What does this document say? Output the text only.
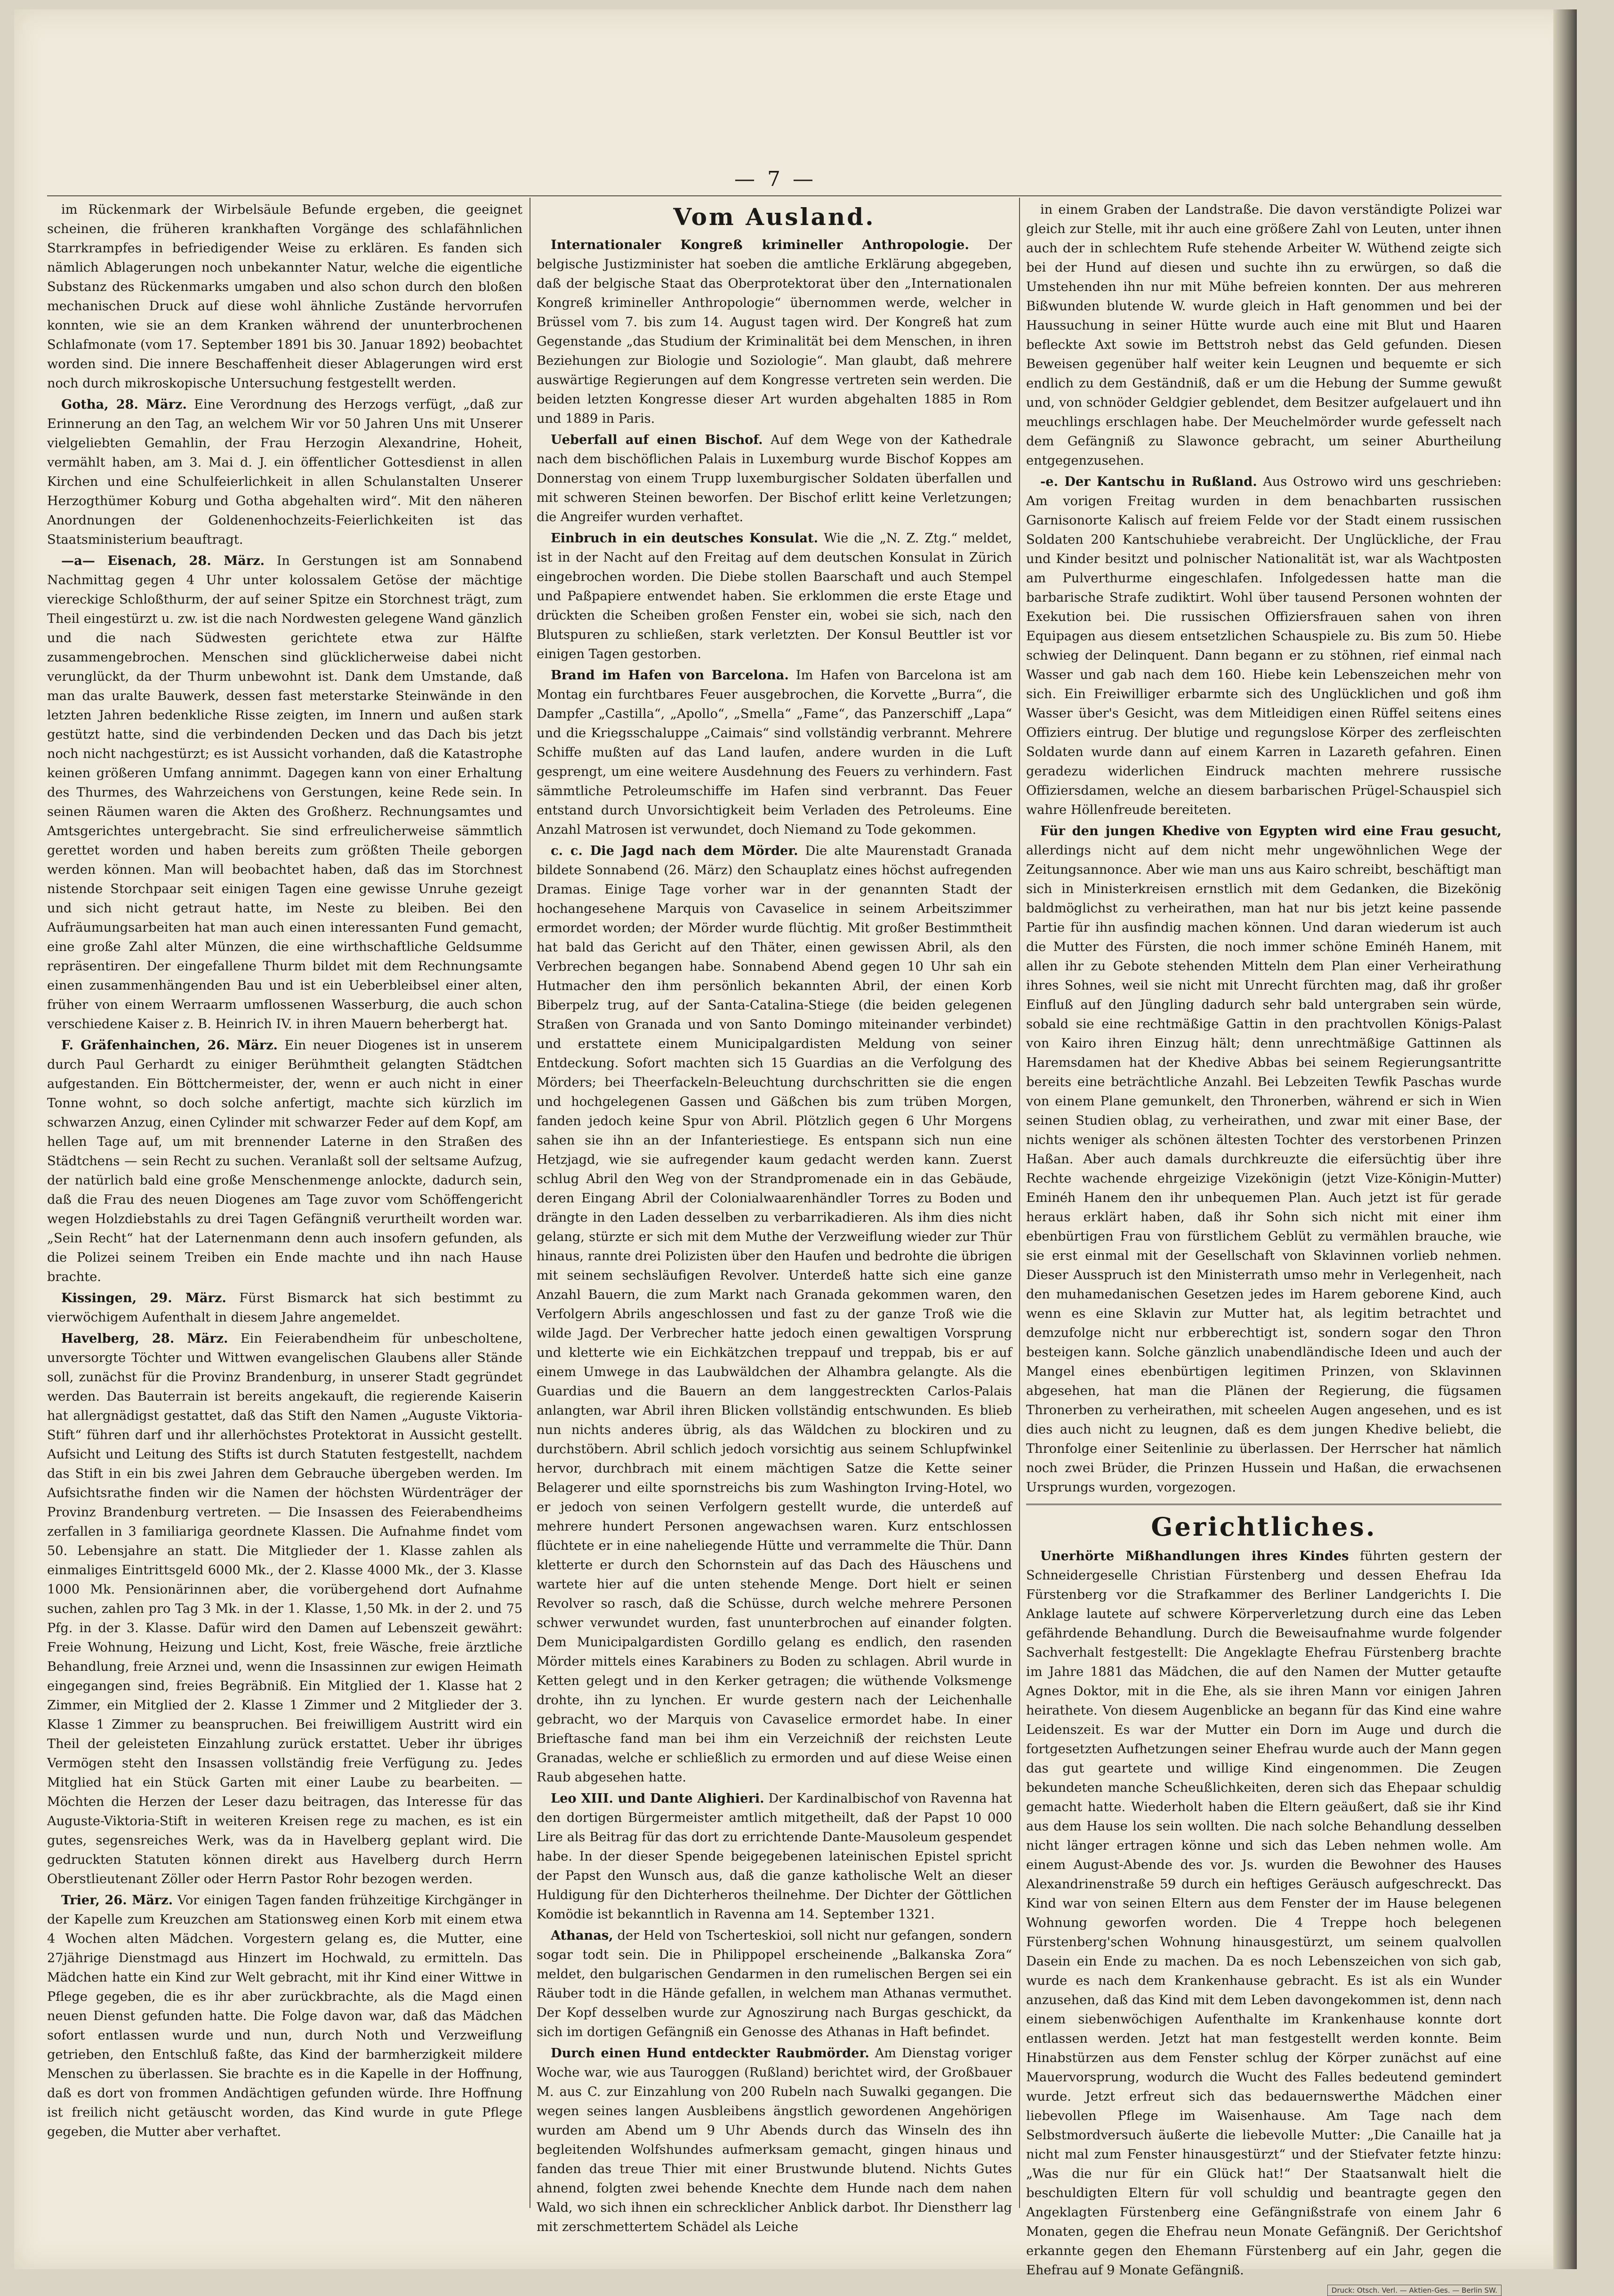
— 7 —

im Rückenmark der Wirbelsäule Befunde ergeben, die geeignet scheinen, die früheren krankhaften Vorgänge des schlafähnlichen Starrkrampfes in befriedigender Weise zu erklären. Es fanden sich nämlich Ablagerungen noch unbekannter Natur, welche die eigentliche Substanz des Rückenmarks umgaben und also schon durch den bloßen mechanischen Druck auf diese wohl ähnliche Zustände hervorrufen konnten, wie sie an dem Kranken während der ununterbrochenen Schlafmonate (vom 17. September 1891 bis 30. Januar 1892) beobachtet worden sind. Die innere Beschaffenheit dieser Ablagerungen wird erst noch durch mikroskopische Untersuchung festgestellt werden.

Gotha, 28. März. Eine Verordnung des Herzogs verfügt, „daß zur Erinnerung an den Tag, an welchem Wir vor 50 Jahren Uns mit Unserer vielgeliebten Gemahlin, der Frau Herzogin Alexandrine, Hoheit, vermählt haben, am 3. Mai d. J. ein öffentlicher Gottesdienst in allen Kirchen und eine Schulfeierlichkeit in allen Schulanstalten Unserer Herzogthümer Koburg und Gotha abgehalten wird“. Mit den näheren Anordnungen der Goldenenhochzeits-Feierlichkeiten ist das Staatsministerium beauftragt.

—a— Eisenach, 28. März. In Gerstungen ist am Sonnabend Nachmittag gegen 4 Uhr unter kolossalem Getöse der mächtige viereckige Schloßthurm, der auf seiner Spitze ein Storchnest trägt, zum Theil eingestürzt u. zw. ist die nach Nordwesten gelegene Wand gänzlich und die nach Südwesten gerichtete etwa zur Hälfte zusammengebrochen. Menschen sind glücklicherweise dabei nicht verunglückt, da der Thurm unbewohnt ist. Dank dem Umstande, daß man das uralte Bauwerk, dessen fast meterstarke Steinwände in den letzten Jahren bedenkliche Risse zeigten, im Innern und außen stark gestützt hatte, sind die verbindenden Decken und das Dach bis jetzt noch nicht nachgestürzt; es ist Aussicht vorhanden, daß die Katastrophe keinen größeren Umfang annimmt. Dagegen kann von einer Erhaltung des Thurmes, des Wahrzeichens von Gerstungen, keine Rede sein. In seinen Räumen waren die Akten des Großherz. Rechnungsamtes und Amtsgerichtes untergebracht. Sie sind erfreulicherweise sämmtlich gerettet worden und haben bereits zum größten Theile geborgen werden können. Man will beobachtet haben, daß das im Storchnest nistende Storchpaar seit einigen Tagen eine gewisse Unruhe gezeigt und sich nicht getraut hatte, im Neste zu bleiben. Bei den Aufräumungsarbeiten hat man auch einen interessanten Fund gemacht, eine große Zahl alter Münzen, die eine wirthschaftliche Geldsumme repräsentiren. Der eingefallene Thurm bildet mit dem Rechnungsamte einen zusammenhängenden Bau und ist ein Ueberbleibsel einer alten, früher von einem Werraarm umflossenen Wasserburg, die auch schon verschiedene Kaiser z. B. Heinrich IV. in ihren Mauern beherbergt hat.

F. Gräfenhainchen, 26. März. Ein neuer Diogenes ist in unserem durch Paul Gerhardt zu einiger Berühmtheit gelangten Städtchen aufgestanden. Ein Böttchermeister, der, wenn er auch nicht in einer Tonne wohnt, so doch solche anfertigt, machte sich kürzlich im schwarzen Anzug, einen Cylinder mit schwarzer Feder auf dem Kopf, am hellen Tage auf, um mit brennender Laterne in den Straßen des Städtchens — sein Recht zu suchen. Veranlaßt soll der seltsame Aufzug, der natürlich bald eine große Menschenmenge anlockte, dadurch sein, daß die Frau des neuen Diogenes am Tage zuvor vom Schöffengericht wegen Holzdiebstahls zu drei Tagen Gefängniß verurtheilt worden war. „Sein Recht“ hat der Laternenmann denn auch insofern gefunden, als die Polizei seinem Treiben ein Ende machte und ihn nach Hause brachte.

Kissingen, 29. März. Fürst Bismarck hat sich bestimmt zu vierwöchigem Aufenthalt in diesem Jahre angemeldet.

Havelberg, 28. März. Ein Feierabendheim für unbescholtene, unversorgte Töchter und Wittwen evangelischen Glaubens aller Stände soll, zunächst für die Provinz Brandenburg, in unserer Stadt gegründet werden. Das Bauterrain ist bereits angekauft, die regierende Kaiserin hat allergnädigst gestattet, daß das Stift den Namen „Auguste Viktoria-Stift“ führen darf und ihr allerhöchstes Protektorat in Aussicht gestellt. Aufsicht und Leitung des Stifts ist durch Statuten festgestellt, nachdem das Stift in ein bis zwei Jahren dem Gebrauche übergeben werden. Im Aufsichtsrathe finden wir die Namen der höchsten Würdenträger der Provinz Brandenburg vertreten. — Die Insassen des Feierabendheims zerfallen in 3 familiariga geordnete Klassen. Die Aufnahme findet vom 50. Lebensjahre an statt. Die Mitglieder der 1. Klasse zahlen als einmaliges Eintrittsgeld 6000 Mk., der 2. Klasse 4000 Mk., der 3. Klasse 1000 Mk. Pensionärinnen aber, die vorübergehend dort Aufnahme suchen, zahlen pro Tag 3 Mk. in der 1. Klasse, 1,50 Mk. in der 2. und 75 Pfg. in der 3. Klasse. Dafür wird den Damen auf Lebenszeit gewährt: Freie Wohnung, Heizung und Licht, Kost, freie Wäsche, freie ärztliche Behandlung, freie Arznei und, wenn die Insassinnen zur ewigen Heimath eingegangen sind, freies Begräbniß. Ein Mitglied der 1. Klasse hat 2 Zimmer, ein Mitglied der 2. Klasse 1 Zimmer und 2 Mitglieder der 3. Klasse 1 Zimmer zu beanspruchen. Bei freiwilligem Austritt wird ein Theil der geleisteten Einzahlung zurück erstattet. Ueber ihr übriges Vermögen steht den Insassen vollständig freie Verfügung zu. Jedes Mitglied hat ein Stück Garten mit einer Laube zu bearbeiten. — Möchten die Herzen der Leser dazu beitragen, das Interesse für das Auguste-Viktoria-Stift in weiteren Kreisen rege zu machen, es ist ein gutes, segensreiches Werk, was da in Havelberg geplant wird. Die gedruckten Statuten können direkt aus Havelberg durch Herrn Oberstlieutenant Zöller oder Herrn Pastor Rohr bezogen werden.

Trier, 26. März. Vor einigen Tagen fanden frühzeitige Kirchgänger in der Kapelle zum Kreuzchen am Stationsweg einen Korb mit einem etwa 4 Wochen alten Mädchen. Vorgestern gelang es, die Mutter, eine 27jährige Dienstmagd aus Hinzert im Hochwald, zu ermitteln. Das Mädchen hatte ein Kind zur Welt gebracht, mit ihr Kind einer Wittwe in Pflege gegeben, die es ihr aber zurückbrachte, als die Magd einen neuen Dienst gefunden hatte. Die Folge davon war, daß das Mädchen sofort entlassen wurde und nun, durch Noth und Verzweiflung getrieben, den Entschluß faßte, das Kind der barmherzigkeit mildere Menschen zu überlassen. Sie brachte es in die Kapelle in der Hoffnung, daß es dort von frommen Andächtigen gefunden würde. Ihre Hoffnung ist freilich nicht getäuscht worden, das Kind wurde in gute Pflege gegeben, die Mutter aber verhaftet.

Vom Ausland.

Internationaler Kongreß krimineller Anthropologie. Der belgische Justizminister hat soeben die amtliche Erklärung abgegeben, daß der belgische Staat das Oberprotektorat über den „Internationalen Kongreß krimineller Anthropologie“ übernommen werde, welcher in Brüssel vom 7. bis zum 14. August tagen wird. Der Kongreß hat zum Gegenstande „das Studium der Kriminalität bei dem Menschen, in ihren Beziehungen zur Biologie und Soziologie“. Man glaubt, daß mehrere auswärtige Regierungen auf dem Kongresse vertreten sein werden. Die beiden letzten Kongresse dieser Art wurden abgehalten 1885 in Rom und 1889 in Paris.

Ueberfall auf einen Bischof. Auf dem Wege von der Kathedrale nach dem bischöflichen Palais in Luxemburg wurde Bischof Koppes am Donnerstag von einem Trupp luxemburgischer Soldaten überfallen und mit schweren Steinen beworfen. Der Bischof erlitt keine Verletzungen; die Angreifer wurden verhaftet.

Einbruch in ein deutsches Konsulat. Wie die „N. Z. Ztg.“ meldet, ist in der Nacht auf den Freitag auf dem deutschen Konsulat in Zürich eingebrochen worden. Die Diebe stollen Baarschaft und auch Stempel und Paßpapiere entwendet haben. Sie erklommen die erste Etage und drückten die Scheiben großen Fenster ein, wobei sie sich, nach den Blutspuren zu schließen, stark verletzten. Der Konsul Beuttler ist vor einigen Tagen gestorben.

Brand im Hafen von Barcelona. Im Hafen von Barcelona ist am Montag ein furchtbares Feuer ausgebrochen, die Korvette „Burra“, die Dampfer „Castilla“, „Apollo“, „Smella“ „Fame“, das Panzerschiff „Lapa“ und die Kriegsschaluppe „Caimais“ sind vollständig verbrannt. Mehrere Schiffe mußten auf das Land laufen, andere wurden in die Luft gesprengt, um eine weitere Ausdehnung des Feuers zu verhindern. Fast sämmtliche Petroleumschiffe im Hafen sind verbrannt. Das Feuer entstand durch Unvorsichtigkeit beim Verladen des Petroleums. Eine Anzahl Matrosen ist verwundet, doch Niemand zu Tode gekommen.

c. c. Die Jagd nach dem Mörder. Die alte Maurenstadt Granada bildete Sonnabend (26. März) den Schauplatz eines höchst aufregenden Dramas. Einige Tage vorher war in der genannten Stadt der hochangesehene Marquis von Cavaselice in seinem Arbeitszimmer ermordet worden; der Mörder wurde flüchtig. Mit großer Bestimmtheit hat bald das Gericht auf den Thäter, einen gewissen Abril, als den Verbrechen begangen habe. Sonnabend Abend gegen 10 Uhr sah ein Hutmacher den ihm persönlich bekannten Abril, der einen Korb Biberpelz trug, auf der Santa-Catalina-Stiege (die beiden gelegenen Straßen von Granada und von Santo Domingo miteinander verbindet) und erstattete einem Municipalgardisten Meldung von seiner Entdeckung. Sofort machten sich 15 Guardias an die Verfolgung des Mörders; bei Theerfackeln-Beleuchtung durchschritten sie die engen und hochgelegenen Gassen und Gäßchen bis zum trüben Morgen, fanden jedoch keine Spur von Abril. Plötzlich gegen 6 Uhr Morgens sahen sie ihn an der Infanteriestiege. Es entspann sich nun eine Hetzjagd, wie sie aufregender kaum gedacht werden kann. Zuerst schlug Abril den Weg von der Strandpromenade ein in das Gebäude, deren Eingang Abril der Colonialwaarenhändler Torres zu Boden und drängte in den Laden desselben zu verbarrikadieren. Als ihm dies nicht gelang, stürzte er sich mit dem Muthe der Verzweiflung wieder zur Thür hinaus, rannte drei Polizisten über den Haufen und bedrohte die übrigen mit seinem sechsläufigen Revolver. Unterdeß hatte sich eine ganze Anzahl Bauern, die zum Markt nach Granada gekommen waren, den Verfolgern Abrils angeschlossen und fast zu der ganze Troß wie die wilde Jagd. Der Verbrecher hatte jedoch einen gewaltigen Vorsprung und kletterte wie ein Eichkätzchen treppauf und treppab, bis er auf einem Umwege in das Laubwäldchen der Alhambra gelangte. Als die Guardias und die Bauern an dem langgestreckten Carlos-Palais anlangten, war Abril ihren Blicken vollständig entschwunden. Es blieb nun nichts anderes übrig, als das Wäldchen zu blockiren und zu durchstöbern. Abril schlich jedoch vorsichtig aus seinem Schlupfwinkel hervor, durchbrach mit einem mächtigen Satze die Kette seiner Belagerer und eilte spornstreichs bis zum Washington Irving-Hotel, wo er jedoch von seinen Verfolgern gestellt wurde, die unterdeß auf mehrere hundert Personen angewachsen waren. Kurz entschlossen flüchtete er in eine naheliegende Hütte und verrammelte die Thür. Dann kletterte er durch den Schornstein auf das Dach des Häuschens und wartete hier auf die unten stehende Menge. Dort hielt er seinen Revolver so rasch, daß die Schüsse, durch welche mehrere Personen schwer verwundet wurden, fast ununterbrochen auf einander folgten. Dem Municipalgardisten Gordillo gelang es endlich, den rasenden Mörder mittels eines Karabiners zu Boden zu schlagen. Abril wurde in Ketten gelegt und in den Kerker getragen; die wüthende Volksmenge drohte, ihn zu lynchen. Er wurde gestern nach der Leichenhalle gebracht, wo der Marquis von Cavaselice ermordet habe. In einer Brieftasche fand man bei ihm ein Verzeichniß der reichsten Leute Granadas, welche er schließlich zu ermorden und auf diese Weise einen Raub abgesehen hatte.

Leo XIII. und Dante Alighieri. Der Kardinalbischof von Ravenna hat den dortigen Bürgermeister amtlich mitgetheilt, daß der Papst 10 000 Lire als Beitrag für das dort zu errichtende Dante-Mausoleum gespendet habe. In der dieser Spende beigegebenen lateinischen Epistel spricht der Papst den Wunsch aus, daß die ganze katholische Welt an dieser Huldigung für den Dichterheros theilnehme. Der Dichter der Göttlichen Komödie ist bekanntlich in Ravenna am 14. September 1321.

Athanas, der Held von Tscherteskioi, soll nicht nur gefangen, sondern sogar todt sein. Die in Philippopel erscheinende „Balkanska Zora“ meldet, den bulgarischen Gendarmen in den rumelischen Bergen sei ein Räuber todt in die Hände gefallen, in welchem man Athanas vermuthet. Der Kopf desselben wurde zur Agnoszirung nach Burgas geschickt, da sich im dortigen Gefängniß ein Genosse des Athanas in Haft befindet.

Durch einen Hund entdeckter Raubmörder. Am Dienstag voriger Woche war, wie aus Tauroggen (Rußland) berichtet wird, der Großbauer M. aus C. zur Einzahlung von 200 Rubeln nach Suwalki gegangen. Die wegen seines langen Ausbleibens ängstlich gewordenen Angehörigen wurden am Abend um 9 Uhr Abends durch das Winseln des ihn begleitenden Wolfshundes aufmerksam gemacht, gingen hinaus und fanden das treue Thier mit einer Brustwunde blutend. Nichts Gutes ahnend, folgten zwei behende Knechte dem Hunde nach dem nahen Wald, wo sich ihnen ein schrecklicher Anblick darbot. Ihr Dienstherr lag mit zerschmettertem Schädel als Leiche

in einem Graben der Landstraße. Die davon verständigte Polizei war gleich zur Stelle, mit ihr auch eine größere Zahl von Leuten, unter ihnen auch der in schlechtem Rufe stehende Arbeiter W. Wüthend zeigte sich bei der Hund auf diesen und suchte ihn zu erwürgen, so daß die Umstehenden ihn nur mit Mühe befreien konnten. Der aus mehreren Bißwunden blutende W. wurde gleich in Haft genommen und bei der Haussuchung in seiner Hütte wurde auch eine mit Blut und Haaren befleckte Axt sowie im Bettstroh nebst das Geld gefunden. Diesen Beweisen gegenüber half weiter kein Leugnen und bequemte er sich endlich zu dem Geständniß, daß er um die Hebung der Summe gewußt und, von schnöder Geldgier geblendet, dem Besitzer aufgelauert und ihn meuchlings erschlagen habe. Der Meuchelmörder wurde gefesselt nach dem Gefängniß zu Slawonce gebracht, um seiner Aburtheilung entgegenzusehen.

-e. Der Kantschu in Rußland. Aus Ostrowo wird uns geschrieben: Am vorigen Freitag wurden in dem benachbarten russischen Garnisonorte Kalisch auf freiem Felde vor der Stadt einem russischen Soldaten 200 Kantschuhiebe verabreicht. Der Unglückliche, der Frau und Kinder besitzt und polnischer Nationalität ist, war als Wachtposten am Pulverthurme eingeschlafen. Infolgedessen hatte man die barbarische Strafe zudiktirt. Wohl über tausend Personen wohnten der Exekution bei. Die russischen Offiziersfrauen sahen von ihren Equipagen aus diesem entsetzlichen Schauspiele zu. Bis zum 50. Hiebe schwieg der Delinquent. Dann begann er zu stöhnen, rief einmal nach Wasser und gab nach dem 160. Hiebe kein Lebenszeichen mehr von sich. Ein Freiwilliger erbarmte sich des Unglücklichen und goß ihm Wasser über's Gesicht, was dem Mitleidigen einen Rüffel seitens eines Offiziers eintrug. Der blutige und regungslose Körper des zerfleischten Soldaten wurde dann auf einem Karren in Lazareth gefahren. Einen geradezu widerlichen Eindruck machten mehrere russische Offiziersdamen, welche an diesem barbarischen Prügel-Schauspiel sich wahre Höllenfreude bereiteten.

Für den jungen Khedive von Egypten wird eine Frau gesucht, allerdings nicht auf dem nicht mehr ungewöhnlichen Wege der Zeitungsannonce. Aber wie man uns aus Kairo schreibt, beschäftigt man sich in Ministerkreisen ernstlich mit dem Gedanken, die Bizekönig baldmöglichst zu verheirathen, man hat nur bis jetzt keine passende Partie für ihn ausfindig machen können. Und daran wiederum ist auch die Mutter des Fürsten, die noch immer schöne Eminéh Hanem, mit allen ihr zu Gebote stehenden Mitteln dem Plan einer Verheirathung ihres Sohnes, weil sie nicht mit Unrecht fürchten mag, daß ihr großer Einfluß auf den Jüngling dadurch sehr bald untergraben sein würde, sobald sie eine rechtmäßige Gattin in den prachtvollen Königs-Palast von Kairo ihren Einzug hält; denn unrechtmäßige Gattinnen als Haremsdamen hat der Khedive Abbas bei seinem Regierungsantritte bereits eine beträchtliche Anzahl. Bei Lebzeiten Tewfik Paschas wurde von einem Plane gemunkelt, den Thronerben, während er sich in Wien seinen Studien oblag, zu verheirathen, und zwar mit einer Base, der nichts weniger als schönen ältesten Tochter des verstorbenen Prinzen Haßan. Aber auch damals durchkreuzte die eifersüchtig über ihre Rechte wachende ehrgeizige Vizekönigin (jetzt Vize-Königin-Mutter) Eminéh Hanem den ihr unbequemen Plan. Auch jetzt ist für gerade heraus erklärt haben, daß ihr Sohn sich nicht mit einer ihm ebenbürtigen Frau von fürstlichem Geblüt zu vermählen brauche, wie sie erst einmal mit der Gesellschaft von Sklavinnen vorlieb nehmen. Dieser Ausspruch ist den Ministerrath umso mehr in Verlegenheit, nach den muhamedanischen Gesetzen jedes im Harem geborene Kind, auch wenn es eine Sklavin zur Mutter hat, als legitim betrachtet und demzufolge nicht nur erbberechtigt ist, sondern sogar den Thron besteigen kann. Solche gänzlich unabendländische Ideen und auch der Mangel eines ebenbürtigen legitimen Prinzen, von Sklavinnen abgesehen, hat man die Plänen der Regierung, die fügsamen Thronerben zu verheirathen, mit scheelen Augen angesehen, und es ist dies auch nicht zu leugnen, daß es dem jungen Khedive beliebt, die Thronfolge einer Seitenlinie zu überlassen. Der Herrscher hat nämlich noch zwei Brüder, die Prinzen Hussein und Haßan, die erwachsenen Ursprungs wurden, vorgezogen.

Gerichtliches.

Unerhörte Mißhandlungen ihres Kindes führten gestern der Schneidergeselle Christian Fürstenberg und dessen Ehefrau Ida Fürstenberg vor die Strafkammer des Berliner Landgerichts I. Die Anklage lautete auf schwere Körperverletzung durch eine das Leben gefährdende Behandlung. Durch die Beweisaufnahme wurde folgender Sachverhalt festgestellt: Die Angeklagte Ehefrau Fürstenberg brachte im Jahre 1881 das Mädchen, die auf den Namen der Mutter getaufte Agnes Doktor, mit in die Ehe, als sie ihren Mann vor einigen Jahren heirathete. Von diesem Augenblicke an begann für das Kind eine wahre Leidenszeit. Es war der Mutter ein Dorn im Auge und durch die fortgesetzten Aufhetzungen seiner Ehefrau wurde auch der Mann gegen das gut geartete und willige Kind eingenommen. Die Zeugen bekundeten manche Scheußlichkeiten, deren sich das Ehepaar schuldig gemacht hatte. Wiederholt haben die Eltern geäußert, daß sie ihr Kind aus dem Hause los sein wollten. Die nach solche Behandlung desselben nicht länger ertragen könne und sich das Leben nehmen wolle. Am einem August-Abende des vor. Js. wurden die Bewohner des Hauses Alexandrinenstraße 59 durch ein heftiges Geräusch aufgeschreckt. Das Kind war von seinen Eltern aus dem Fenster der im Hause belegenen Wohnung geworfen worden. Die 4 Treppe hoch belegenen Fürstenberg'schen Wohnung hinausgestürzt, um seinem qualvollen Dasein ein Ende zu machen. Da es noch Lebenszeichen von sich gab, wurde es nach dem Krankenhause gebracht. Es ist als ein Wunder anzusehen, daß das Kind mit dem Leben davongekommen ist, denn nach einem siebenwöchigen Aufenthalte im Krankenhause konnte dort entlassen werden. Jetzt hat man festgestellt werden konnte. Beim Hinabstürzen aus dem Fenster schlug der Körper zunächst auf eine Mauervorsprung, wodurch die Wucht des Falles bedeutend gemindert wurde. Jetzt erfreut sich das bedauernswerthe Mädchen einer liebevollen Pflege im Waisenhause. Am Tage nach dem Selbstmordversuch äußerte die liebevolle Mutter: „Die Canaille hat ja nicht mal zum Fenster hinausgestürzt“ und der Stiefvater fetzte hinzu: „Was die nur für ein Glück hat!“ Der Staatsanwalt hielt die beschuldigten Eltern für voll schuldig und beantragte gegen den Angeklagten Fürstenberg eine Gefängnißstrafe von einem Jahr 6 Monaten, gegen die Ehefrau neun Monate Gefängniß. Der Gerichtshof erkannte gegen den Ehemann Fürstenberg auf ein Jahr, gegen die Ehefrau auf 9 Monate Gefängniß.

Druck: Otsch. Verl. — Aktien-Ges. — Berlin SW.
